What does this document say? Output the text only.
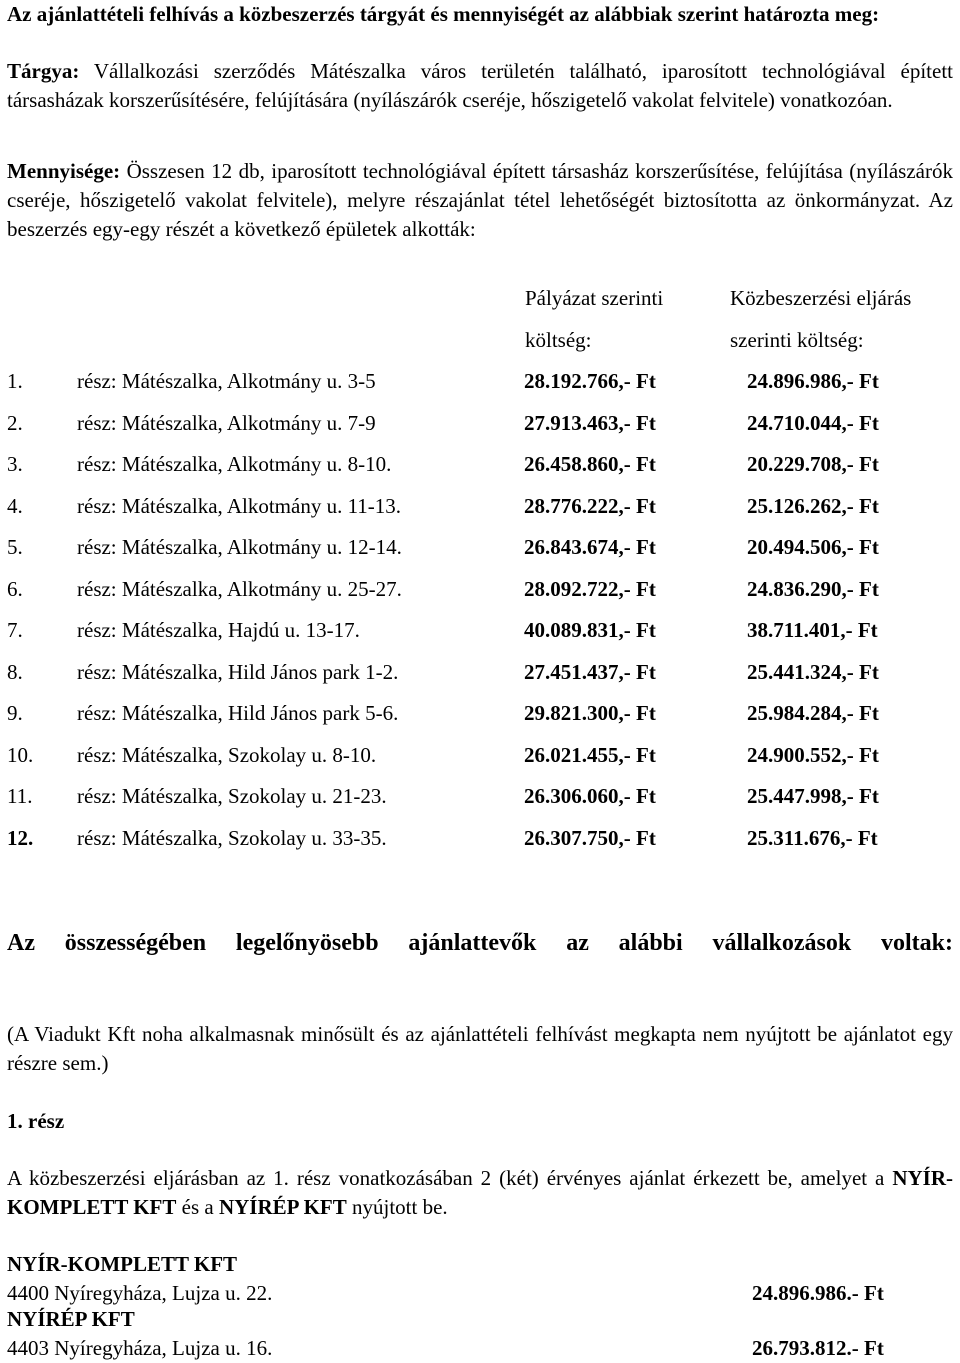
Az ajánlattételi felhívás a közbeszerzés tárgyát és mennyiségét az alábbiak szerint határozta meg:
Tárgya: Vállalkozási szerződés Mátészalka város területén található, iparosított technológiával épített társasházak korszerűsítésére, felújítására (nyílászárók cseréje, hőszigetelő vakolat felvitele) vonatkozóan.
Mennyisége: Összesen 12 db, iparosított technológiával épített társasház korszerűsítése, felújítása (nyílászárók cseréje, hőszigetelő vakolat felvitele), melyre részajánlat tétel lehetőségét biztosította az önkormányzat. Az beszerzés egy-egy részét a következő épületek alkották:
Pályázat szerinti	Közbeszerzési eljárás
költség:	szerinti költség:
1.	rész: Mátészalka, Alkotmány u. 3-5	28.192.766,- Ft	24.896.986,- Ft
2.	rész: Mátészalka, Alkotmány u. 7-9	27.913.463,- Ft	24.710.044,- Ft
3.	rész: Mátészalka, Alkotmány u. 8-10.	26.458.860,- Ft	20.229.708,- Ft
4.	rész: Mátészalka, Alkotmány u. 11-13.	28.776.222,- Ft	25.126.262,- Ft
5.	rész: Mátészalka, Alkotmány u. 12-14.	26.843.674,- Ft	20.494.506,- Ft
6.	rész: Mátészalka, Alkotmány u. 25-27.	28.092.722,- Ft	24.836.290,- Ft
7.	rész: Mátészalka, Hajdú u. 13-17.	40.089.831,- Ft	38.711.401,- Ft
8.	rész: Mátészalka, Hild János park 1-2.	27.451.437,- Ft	25.441.324,- Ft
9.	rész: Mátészalka, Hild János park 5-6.	29.821.300,- Ft	25.984.284,- Ft
10. rész: Mátészalka, Szokolay u. 8-10.	26.021.455,- Ft	24.900.552,- Ft
11. rész: Mátészalka, Szokolay u. 21-23.	26.306.060,- Ft	25.447.998,- Ft
12. rész: Mátészalka, Szokolay u. 33-35.	26.307.750,- Ft	25.311.676,- Ft
Az összességében legelőnyösebb ajánlattevők az alábbi vállalkozások voltak:
(A Viadukt Kft noha alkalmasnak minősült és az ajánlattételi felhívást megkapta nem nyújtott be ajánlatot egy részre sem.)
1. rész
A közbeszerzési eljárásban az 1. rész vonatkozásában 2 (két) érvényes ajánlat érkezett be, amelyet a NYÍR-KOMPLETT KFT és a NYÍRÉP KFT nyújtott be.
NYÍR-KOMPLETT KFT
4400 Nyíregyháza, Lujza u. 22.	24.896.986.- Ft
NYÍRÉP KFT
4403 Nyíregyháza, Lujza u. 16.	26.793.812.- Ft
